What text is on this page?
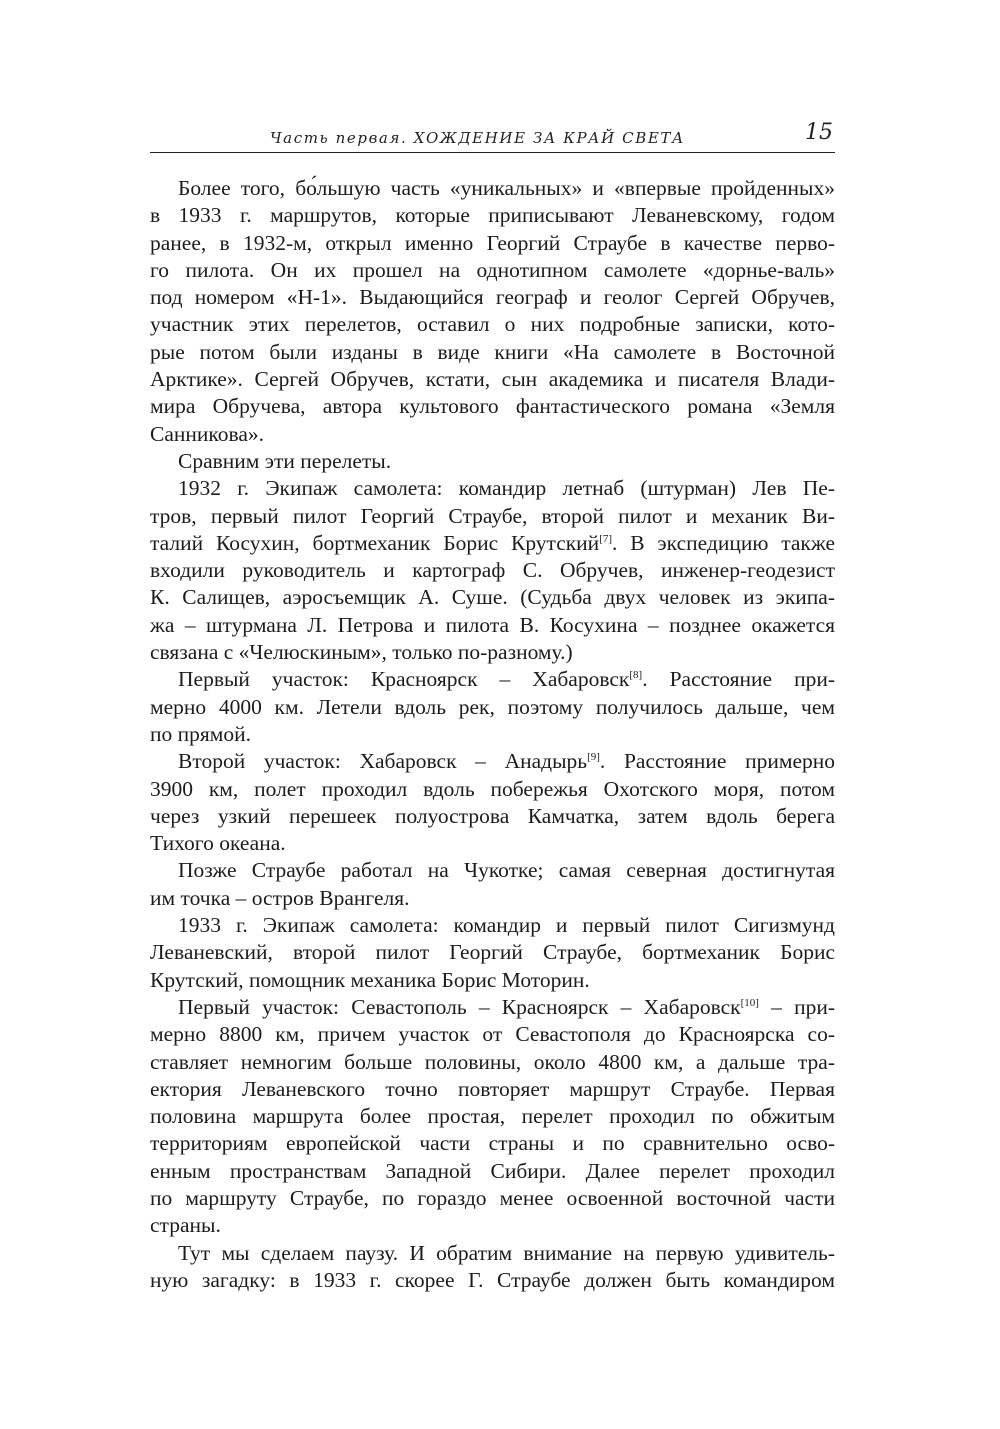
Часть первая. ХОЖДЕНИЕ ЗА КРАЙ СВЕТА	15
Более того, бо́льшую часть «уникальных» и «впервые пройденных»
в 1933 г. маршрутов, которые приписывают Леваневскому, годом
ранее, в 1932-м, открыл именно Георгий Страубе в качестве перво-
го пилота. Он их прошел на однотипном самолете «дорнье-валь»
под номером «Н-1». Выдающийся географ и геолог Сергей Обручев,
участник этих перелетов, оставил о них подробные записки, кото-
рые потом были изданы в виде книги «На самолете в Восточной
Арктике». Сергей Обручев, кстати, сын академика и писателя Влади-
мира Обручева, автора культового фантастического романа «Земля
Санникова».
Сравним эти перелеты.
1932 г. Экипаж самолета: командир летнаб (штурман) Лев Пе-
тров, первый пилот Георгий Страубе, второй пилот и механик Ви-
талий Косухин, бортмеханик Борис Крутский[7]. В экспедицию также
входили руководитель и картограф С. Обручев, инженер-геодезист
К. Салищев, аэросъемщик А. Суше. (Судьба двух человек из экипа-
жа – штурмана Л. Петрова и пилота В. Косухина – позднее окажется
связана с «Челюскиным», только по-разному.)
Первый участок: Красноярск – Хабаровск[8]. Расстояние при-
мерно 4000 км. Летели вдоль рек, поэтому получилось дальше, чем
по прямой.
Второй участок: Хабаровск – Анадырь[9]. Расстояние примерно
3900 км, полет проходил вдоль побережья Охотского моря, потом
через узкий перешеек полуострова Камчатка, затем вдоль берега
Тихого океана.
Позже Страубе работал на Чукотке; самая северная достигнутая
им точка – остров Врангеля.
1933 г. Экипаж самолета: командир и первый пилот Сигизмунд
Леваневский, второй пилот Георгий Страубе, бортмеханик Борис
Крутский, помощник механика Борис Моторин.
Первый участок: Севастополь – Красноярск – Хабаровск[10] – при-
мерно 8800 км, причем участок от Севастополя до Красноярска со-
ставляет немногим больше половины, около 4800 км, а дальше тра-
ектория Леваневского точно повторяет маршрут Страубе. Первая
половина маршрута более простая, перелет проходил по обжитым
территориям европейской части страны и по сравнительно осво-
енным пространствам Западной Сибири. Далее перелет проходил
по маршруту Страубе, по гораздо менее освоенной восточной части
страны.
Тут мы сделаем паузу. И обратим внимание на первую удивитель-
ную загадку: в 1933 г. скорее Г. Страубе должен быть командиром
